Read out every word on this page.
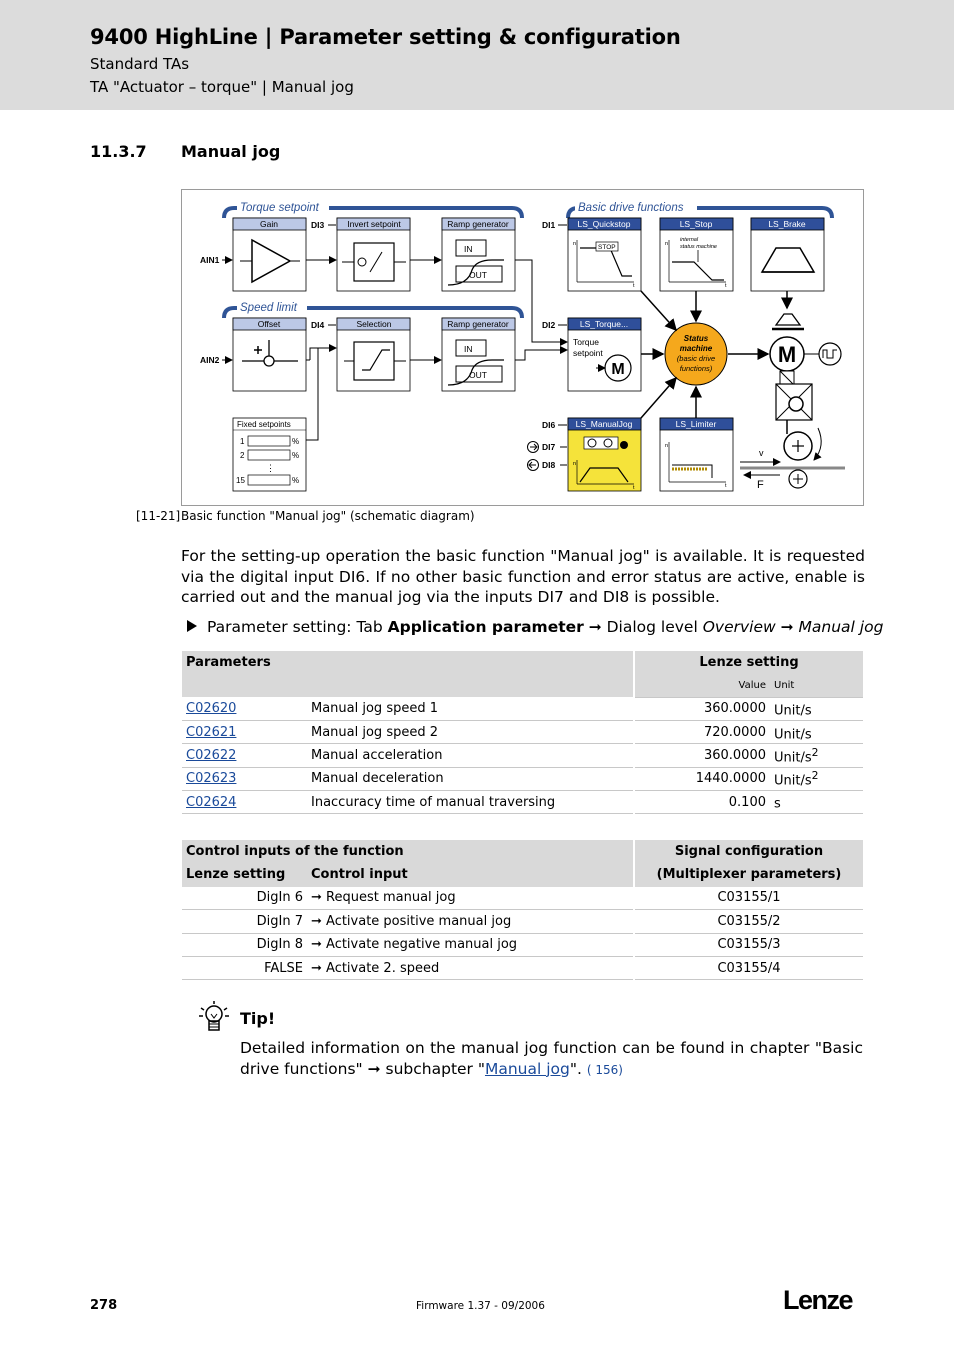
9400 HighLine | Parameter setting & configuration
Standard TAs
TA "Actuator – torque" | Manual jog
11.3.7 Manual jog
Torque setpoint
Speed limit
Basic drive functions
Gain
AIN1
Invert setpoint
DI3	Ramp generator
IN
OUT
Offset
AIN2
Selection
DI4	Ramp generator
IN
OUT
Fixed setpoints
1	%
2	%
⋮
15	%
LS_Quickstop
DI1
STOP
n
t
LS_Stop
internal
status machine
n
t
LS_Brake
LS_Torque...
DI2
Torque
setpoint
M
LS_ManualJog
DI6
n
t
DI7
DI8
LS_Limiter
n
t
Status
machine
(basic drive
functions)
M
v
F
[11-21] Basic function "Manual jog" (schematic diagram)
For the setting-up operation the basic function "Manual jog" is available. It is requested via the digital input DI6. If no other basic function and error status are active, enable is carried out and the manual jog via the inputs DI7 and DI8 is possible.
Parameter setting: Tab Application parameter ➞ Dialog level Overview ➞ Manual jog
Parameters		Lenze setting	
		Value	Unit
C02620	Manual jog speed 1	360.0000	Unit/s
C02621	Manual jog speed 2	720.0000	Unit/s
C02622	Manual acceleration	360.0000	Unit/$s^2$
C02623	Manual deceleration	1440.0000	Unit/$s^2$
C02624	Inaccuracy time of manual traversing	0.100	s
Control inputs of the function		Signal configuration
Lenze setting	Control input	(Multiplexer parameters)
DigIn 6	➞ Request manual jog	C03155/1
DigIn 7	➞ Activate positive manual jog	C03155/2
DigIn 8	➞ Activate negative manual jog	C03155/3
FALSE	➞ Activate 2. speed	C03155/4
Tip!
Detailed information on the manual jog function can be found in chapter "Basic drive functions" ➞ subchapter "Manual jog". ( 156)
278	Firmware 1.37 - 09/2006	Lenze
